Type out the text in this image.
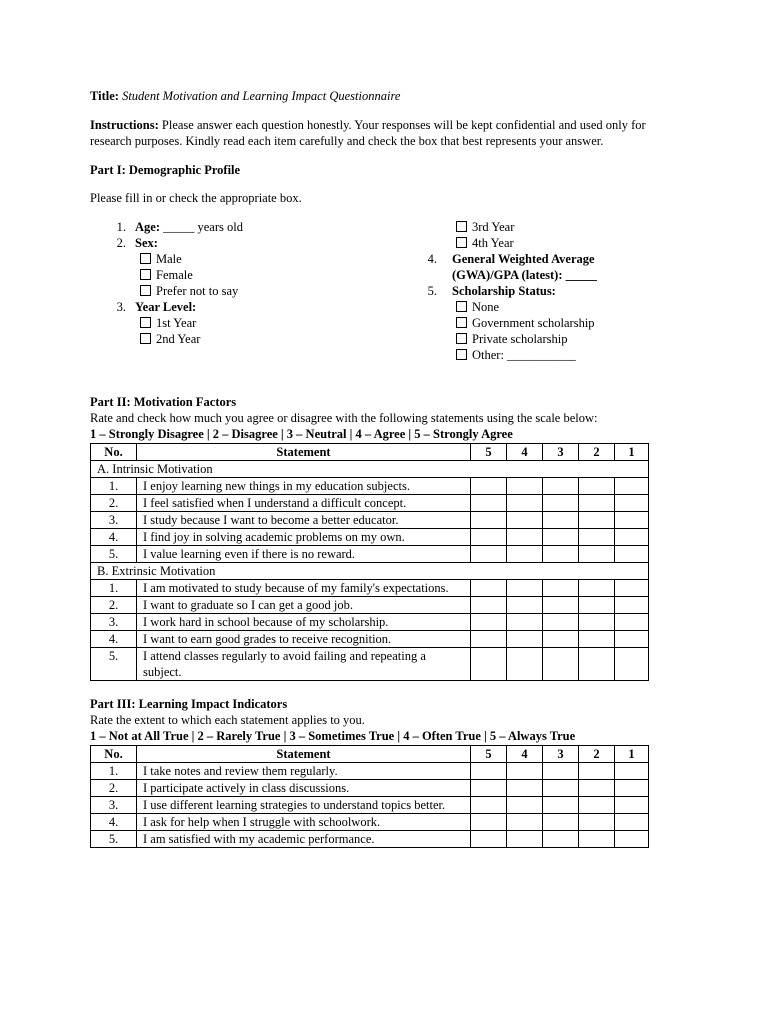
Title: Student Motivation and Learning Impact Questionnaire

Instructions: Please answer each question honestly. Your responses will be kept confidential and used only for research purposes. Kindly read each item carefully and check the box that best represents your answer.

Part I: Demographic Profile

Please fill in or check the appropriate box.

1. Age: _____ years old
2. Sex:
Male
Female
Prefer not to say
3. Year Level:
1st Year
2nd Year
3rd Year
4th Year
4. General Weighted Average
(GWA)/GPA (latest): _____
5. Scholarship Status:
None
Government scholarship
Private scholarship
Other: ___________

Part II: Motivation Factors

Rate and check how much you agree or disagree with the following statements using the scale below:

1 – Strongly Disagree | 2 – Disagree | 3 – Neutral | 4 – Agree | 5 – Strongly Agree

No.	Statement	5	4	3	2	1
A. Intrinsic Motivation						
1.	I enjoy learning new things in my education subjects.					
2.	I feel satisfied when I understand a difficult concept.					
3.	I study because I want to become a better educator.					
4.	I find joy in solving academic problems on my own.					
5.	I value learning even if there is no reward.					
B. Extrinsic Motivation						
1.	I am motivated to study because of my family's expectations.					
2.	I want to graduate so I can get a good job.					
3.	I work hard in school because of my scholarship.					
4.	I want to earn good grades to receive recognition.					
5.	I attend classes regularly to avoid failing and repeating a subject.					

Part III: Learning Impact Indicators

Rate the extent to which each statement applies to you.

1 – Not at All True | 2 – Rarely True | 3 – Sometimes True | 4 – Often True | 5 – Always True

No.	Statement	5	4	3	2	1
1.	I take notes and review them regularly.					
2.	I participate actively in class discussions.					
3.	I use different learning strategies to understand topics better.					
4.	I ask for help when I struggle with schoolwork.					
5.	I am satisfied with my academic performance.					
